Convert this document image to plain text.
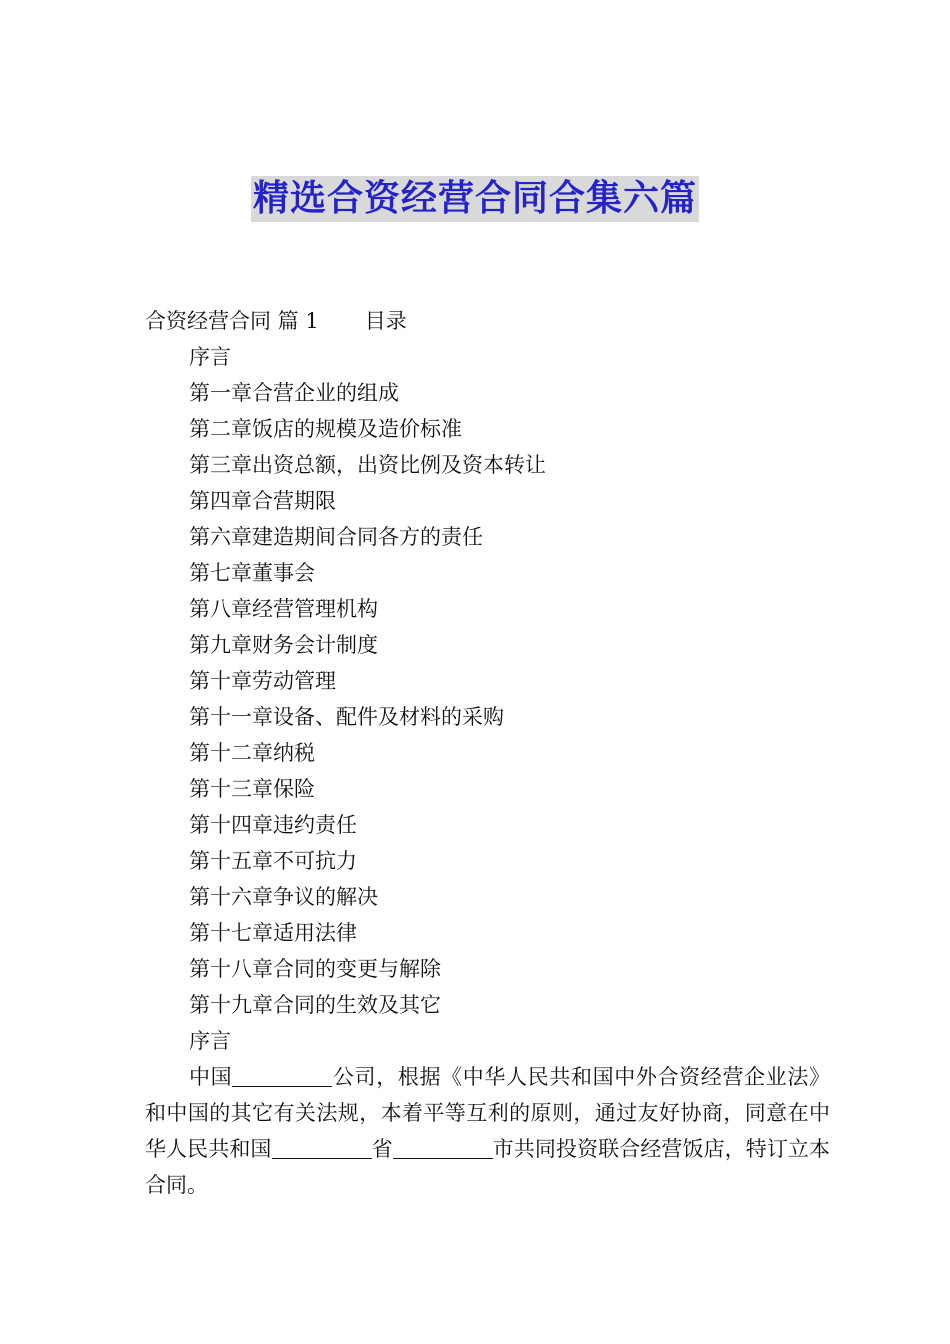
精选合资经营合同合集六篇
合资经营合同 篇 1 目录
序言
第一章合营企业的组成
第二章饭店的规模及造价标准
第三章出资总额，出资比例及资本转让
第四章合营期限
第六章建造期间合同各方的责任
第七章董事会
第八章经营管理机构
第九章财务会计制度
第十章劳动管理
第十一章设备、配件及材料的采购
第十二章纳税
第十三章保险
第十四章违约责任
第十五章不可抗力
第十六章争议的解决
第十七章适用法律
第十八章合同的变更与解除
第十九章合同的生效及其它

序言

中国	公司，根据《中华人民共和国中外合资经营企业法》和中国的其它有关法规，本着平等互利的原则，通过友好协商，同意在中华人民共和国	省	市共同投资联合经营饭店，特订立本合同。
